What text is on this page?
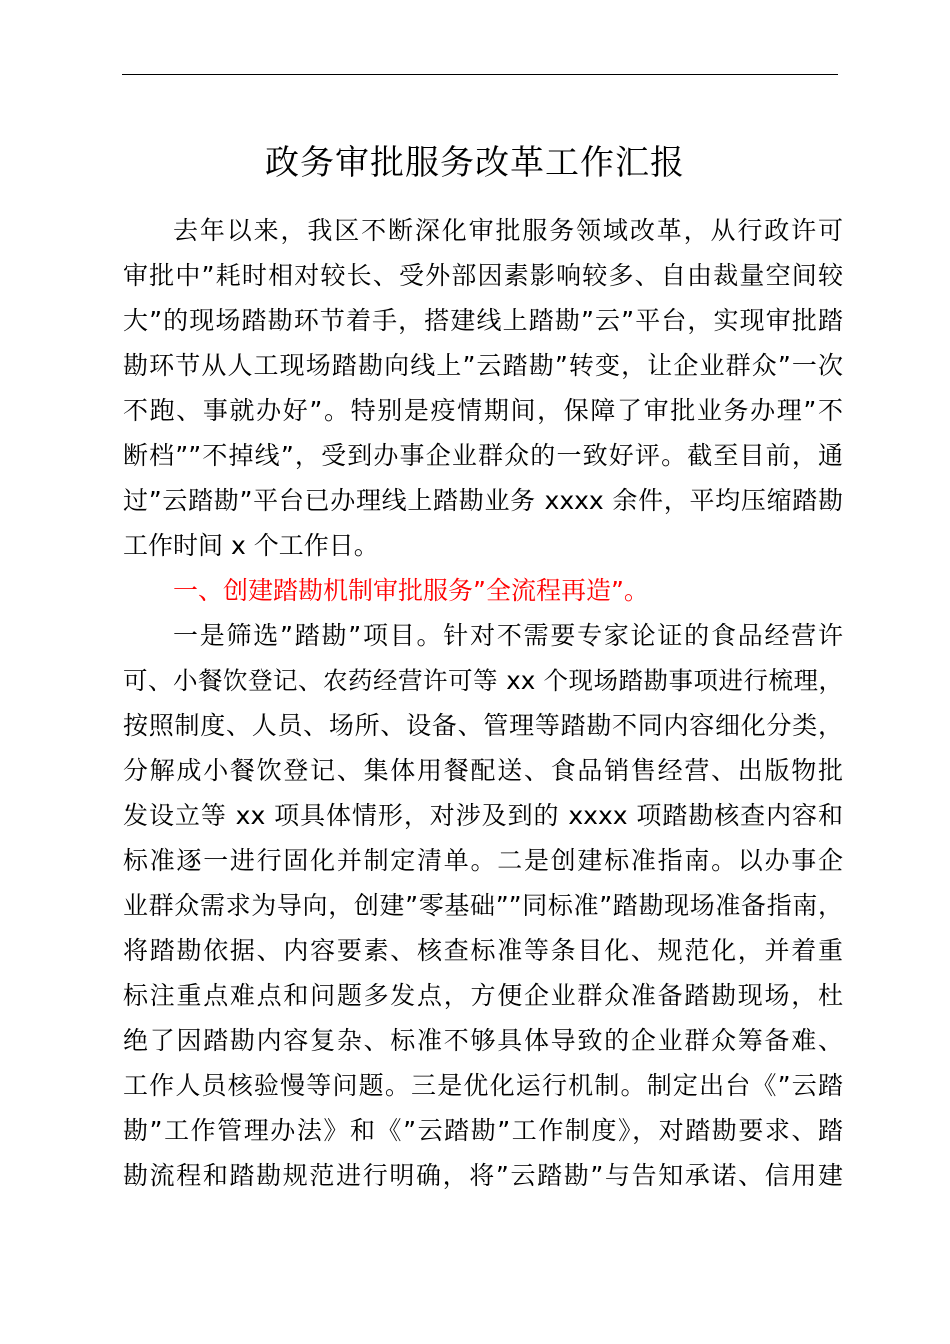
政务审批服务改革工作汇报
去年以来，我区不断深化审批服务领域改革，从行政许可
审批中”耗时相对较长、受外部因素影响较多、自由裁量空间较
大”的现场踏勘环节着手，搭建线上踏勘”云”平台，实现审批踏
勘环节从人工现场踏勘向线上”云踏勘”转变，让企业群众”一次
不跑、事就办好”。特别是疫情期间，保障了审批业务办理”不
断档””不掉线”，受到办事企业群众的一致好评。截至目前，通
过”云踏勘”平台已办理线上踏勘业务 xxxx 余件，平均压缩踏勘
工作时间 x 个工作日。
一、创建踏勘机制审批服务”全流程再造”。
一是筛选”踏勘”项目。针对不需要专家论证的食品经营许
可、小餐饮登记、农药经营许可等 xx 个现场踏勘事项进行梳理，
按照制度、人员、场所、设备、管理等踏勘不同内容细化分类，
分解成小餐饮登记、集体用餐配送、食品销售经营、出版物批
发设立等 xx 项具体情形，对涉及到的 xxxx 项踏勘核查内容和
标准逐一进行固化并制定清单。二是创建标准指南。以办事企
业群众需求为导向，创建”零基础””同标准”踏勘现场准备指南，
将踏勘依据、内容要素、核查标准等条目化、规范化，并着重
标注重点难点和问题多发点，方便企业群众准备踏勘现场，杜
绝了因踏勘内容复杂、标准不够具体导致的企业群众筹备难、
工作人员核验慢等问题。三是优化运行机制。制定出台《”云踏
勘”工作管理办法》和《”云踏勘”工作制度》，对踏勘要求、踏
勘流程和踏勘规范进行明确，将”云踏勘”与告知承诺、信用建
